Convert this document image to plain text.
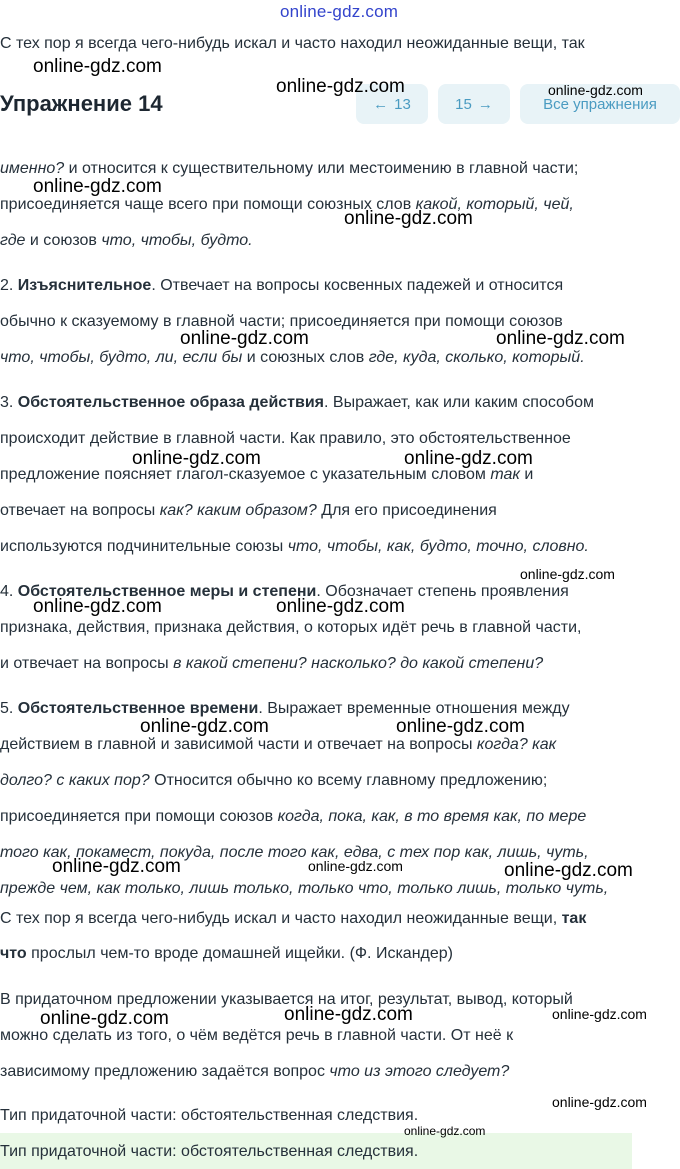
online-gdz.com
С тех пор я всегда чего-нибудь искал и часто находил неожиданные вещи, так
Упражнение 14	← 13	15 →	Все упражнения
именно? и относится к существительному или местоимению в главной части;
присоединяется чаще всего при помощи союзных слов какой, который, чей,
где и союзов что, чтобы, будто.
2. Изъяснительное. Отвечает на вопросы косвенных падежей и относится
обычно к сказуемому в главной части; присоединяется при помощи союзов
что, чтобы, будто, ли, если бы и союзных слов где, куда, сколько, который.
3. Обстоятельственное образа действия. Выражает, как или каким способом
происходит действие в главной части. Как правило, это обстоятельственное
предложение поясняет глагол-сказуемое с указательным словом так и
отвечает на вопросы как? каким образом? Для его присоединения
используются подчинительные союзы что, чтобы, как, будто, точно, словно.
4. Обстоятельственное меры и степени. Обозначает степень проявления
признака, действия, признака действия, о которых идёт речь в главной части,
и отвечает на вопросы в какой степени? насколько? до какой степени?
5. Обстоятельственное времени. Выражает временные отношения между
действием в главной и зависимой части и отвечает на вопросы когда? как
долго? с каких пор? Относится обычно ко всему главному предложению;
присоединяется при помощи союзов когда, пока, как, в то время как, по мере
того как, покамест, покуда, после того как, едва, с тех пор как, лишь, чуть,
прежде чем, как только, лишь только, только что, только лишь, только чуть,
С тех пор я всегда чего-нибудь искал и часто находил неожиданные вещи, так
что прослыл чем-то вроде домашней ищейки. (Ф. Искандер)
В придаточном предложении указывается на итог, результат, вывод, который
можно сделать из того, о чём ведётся речь в главной части. От неё к
зависимому предложению задаётся вопрос что из этого следует?
Тип придаточной части: обстоятельственная следствия.
Тип придаточной части: обстоятельственная следствия.
online-gdz.com
online-gdz.com	online-gdz.com
online-gdz.com
online-gdz.com
online-gdz.com	online-gdz.com
online-gdz.com	online-gdz.com
online-gdz.com
online-gdz.com	online-gdz.com
online-gdz.com	online-gdz.com
online-gdz.com	online-gdz.com	online-gdz.com
online-gdz.com	online-gdz.com	online-gdz.com
online-gdz.com
online-gdz.com
